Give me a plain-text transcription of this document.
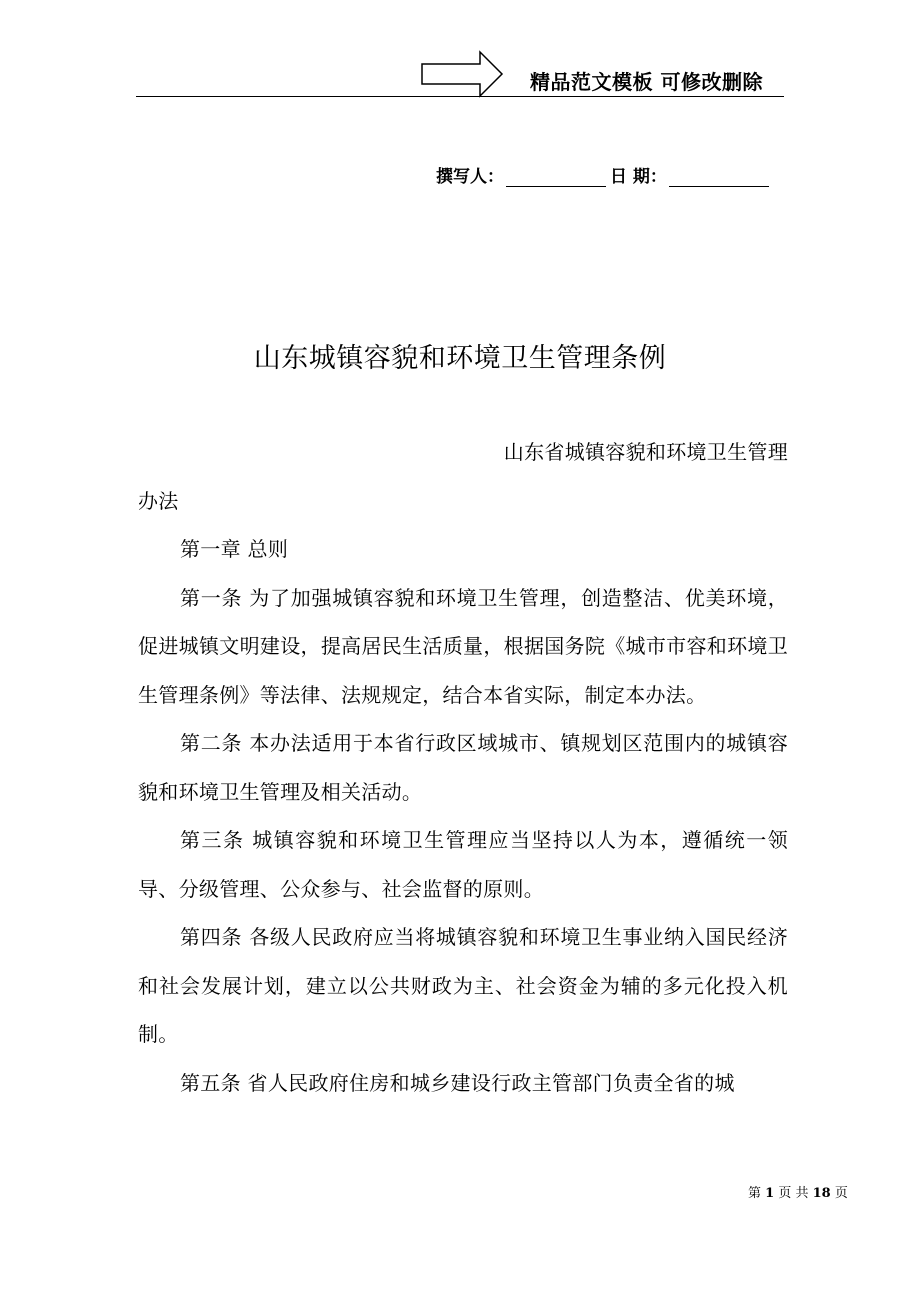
精品范文模板 可修改删除
撰写人：	日 期：
山东城镇容貌和环境卫生管理条例

山东省城镇容貌和环境卫生管理
办法

第一章 总则

第一条 为了加强城镇容貌和环境卫生管理，创造整洁、优美环境，促进城镇文明建设，提高居民生活质量，根据国务院《城市市容和环境卫生管理条例》等法律、法规规定，结合本省实际，制定本办法。

第二条 本办法适用于本省行政区域城市、镇规划区范围内的城镇容貌和环境卫生管理及相关活动。

第三条 城镇容貌和环境卫生管理应当坚持以人为本，遵循统一领导、分级管理、公众参与、社会监督的原则。

第四条 各级人民政府应当将城镇容貌和环境卫生事业纳入国民经济和社会发展计划，建立以公共财政为主、社会资金为辅的多元化投入机制。

第五条 省人民政府住房和城乡建设行政主管部门负责全省的城

第 1 页 共 18 页
